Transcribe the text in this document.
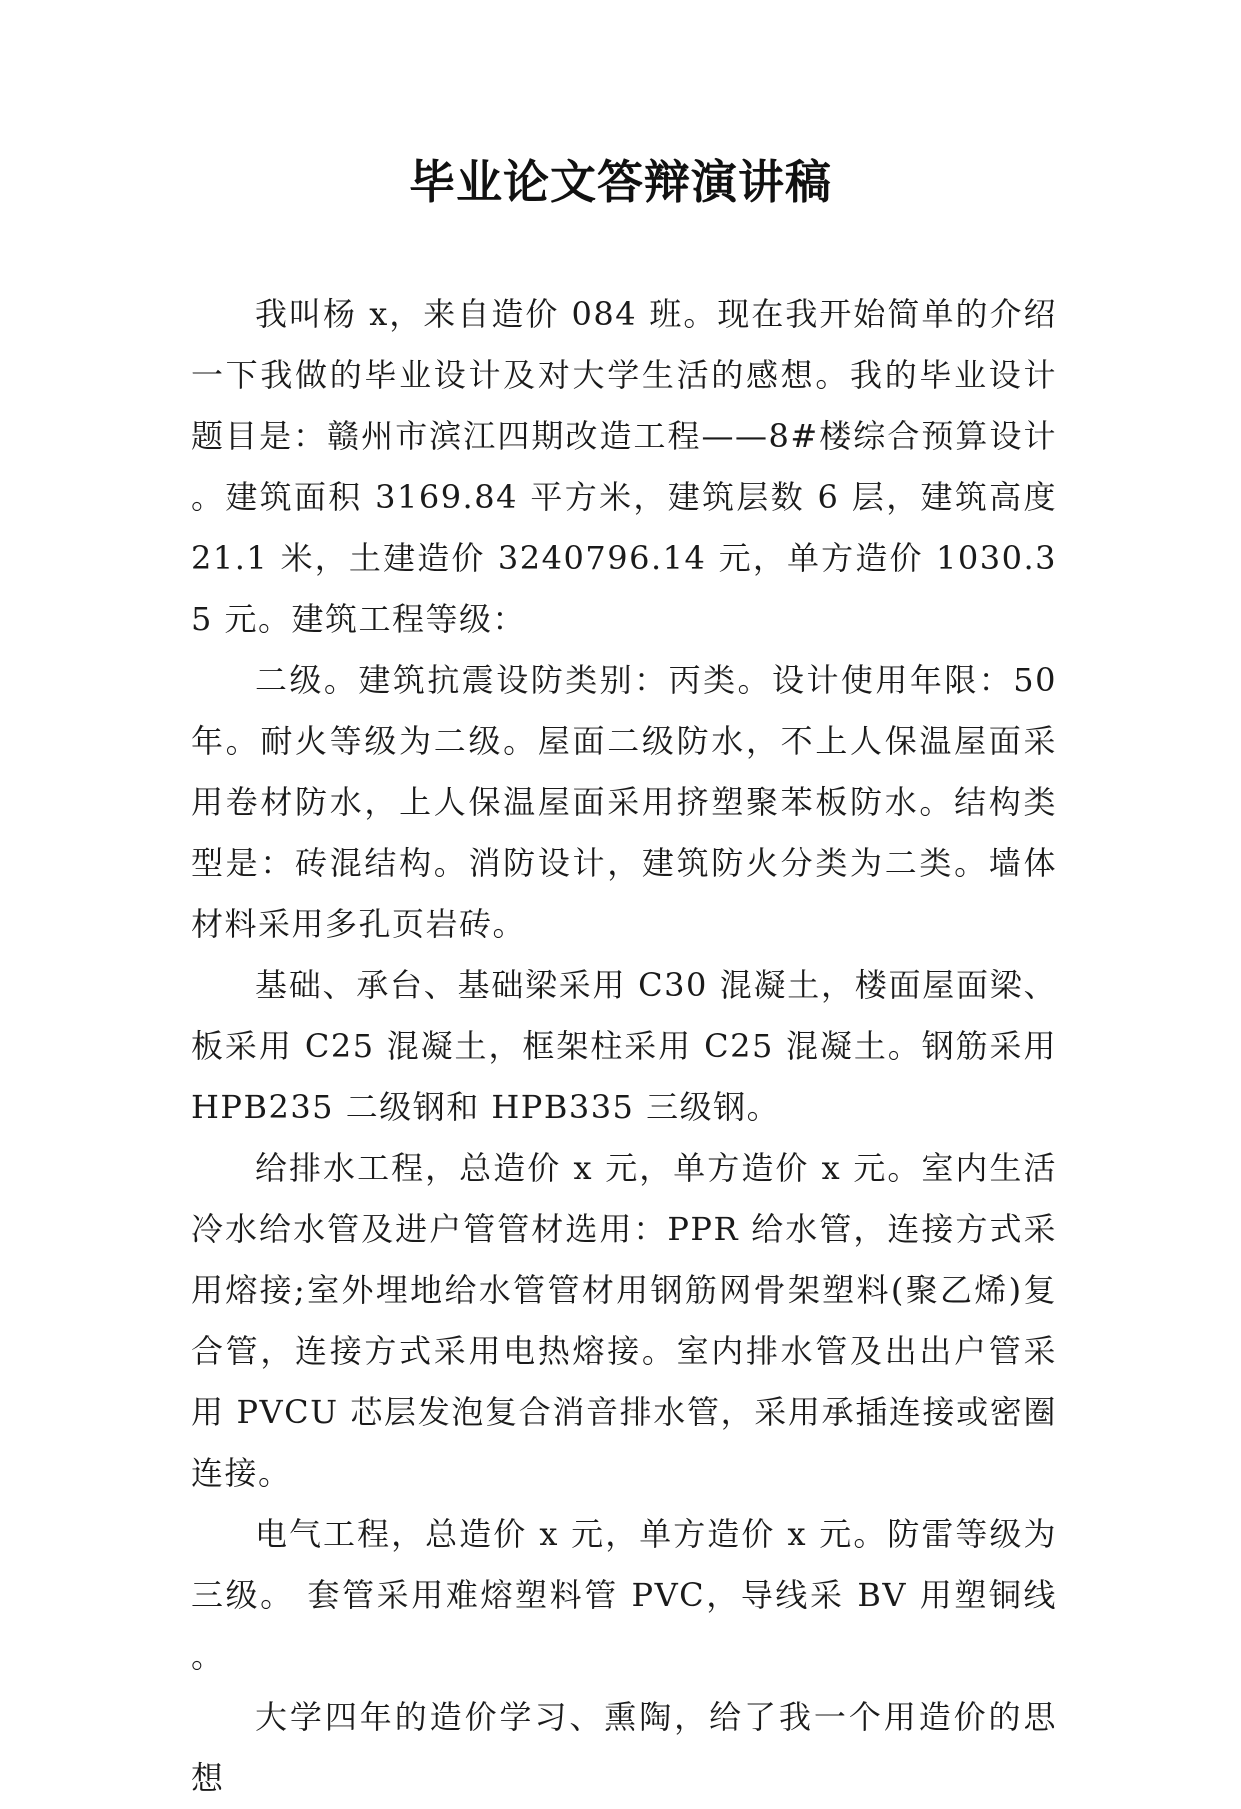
毕业论文答辩演讲稿

我叫杨 x，来自造价 084 班。现在我开始简单的介绍一下我做的毕业设计及对大学生活的感想。我的毕业设计题目是：赣州市滨江四期改造工程——8#楼综合预算设计。建筑面积 3169.84 平方米，建筑层数 6 层，建筑高度 21.1 米，土建造价 3240796.14 元，单方造价 1030.35 元。建筑工程等级：

二级。建筑抗震设防类别：丙类。设计使用年限：50 年。耐火等级为二级。屋面二级防水，不上人保温屋面采用卷材防水，上人保温屋面采用挤塑聚苯板防水。结构类型是：砖混结构。消防设计，建筑防火分类为二类。墙体材料采用多孔页岩砖。

基础、承台、基础梁采用 C30 混凝土，楼面屋面梁、板采用 C25 混凝土，框架柱采用 C25 混凝土。钢筋采用 HPB235 二级钢和 HPB335 三级钢。

给排水工程，总造价 x 元，单方造价 x 元。室内生活冷水给水管及进户管管材选用：PPR 给水管，连接方式采用熔接;室外埋地给水管管材用钢筋网骨架塑料(聚乙烯)复合管，连接方式采用电热熔接。室内排水管及出出户管采用 PVCU 芯层发泡复合消音排水管，采用承插连接或密圈连接。

电气工程，总造价 x 元，单方造价 x 元。防雷等级为三级。 套管采用难熔塑料管 PVC，导线采 BV 用塑铜线。

大学四年的造价学习、熏陶，给了我一个用造价的思想
